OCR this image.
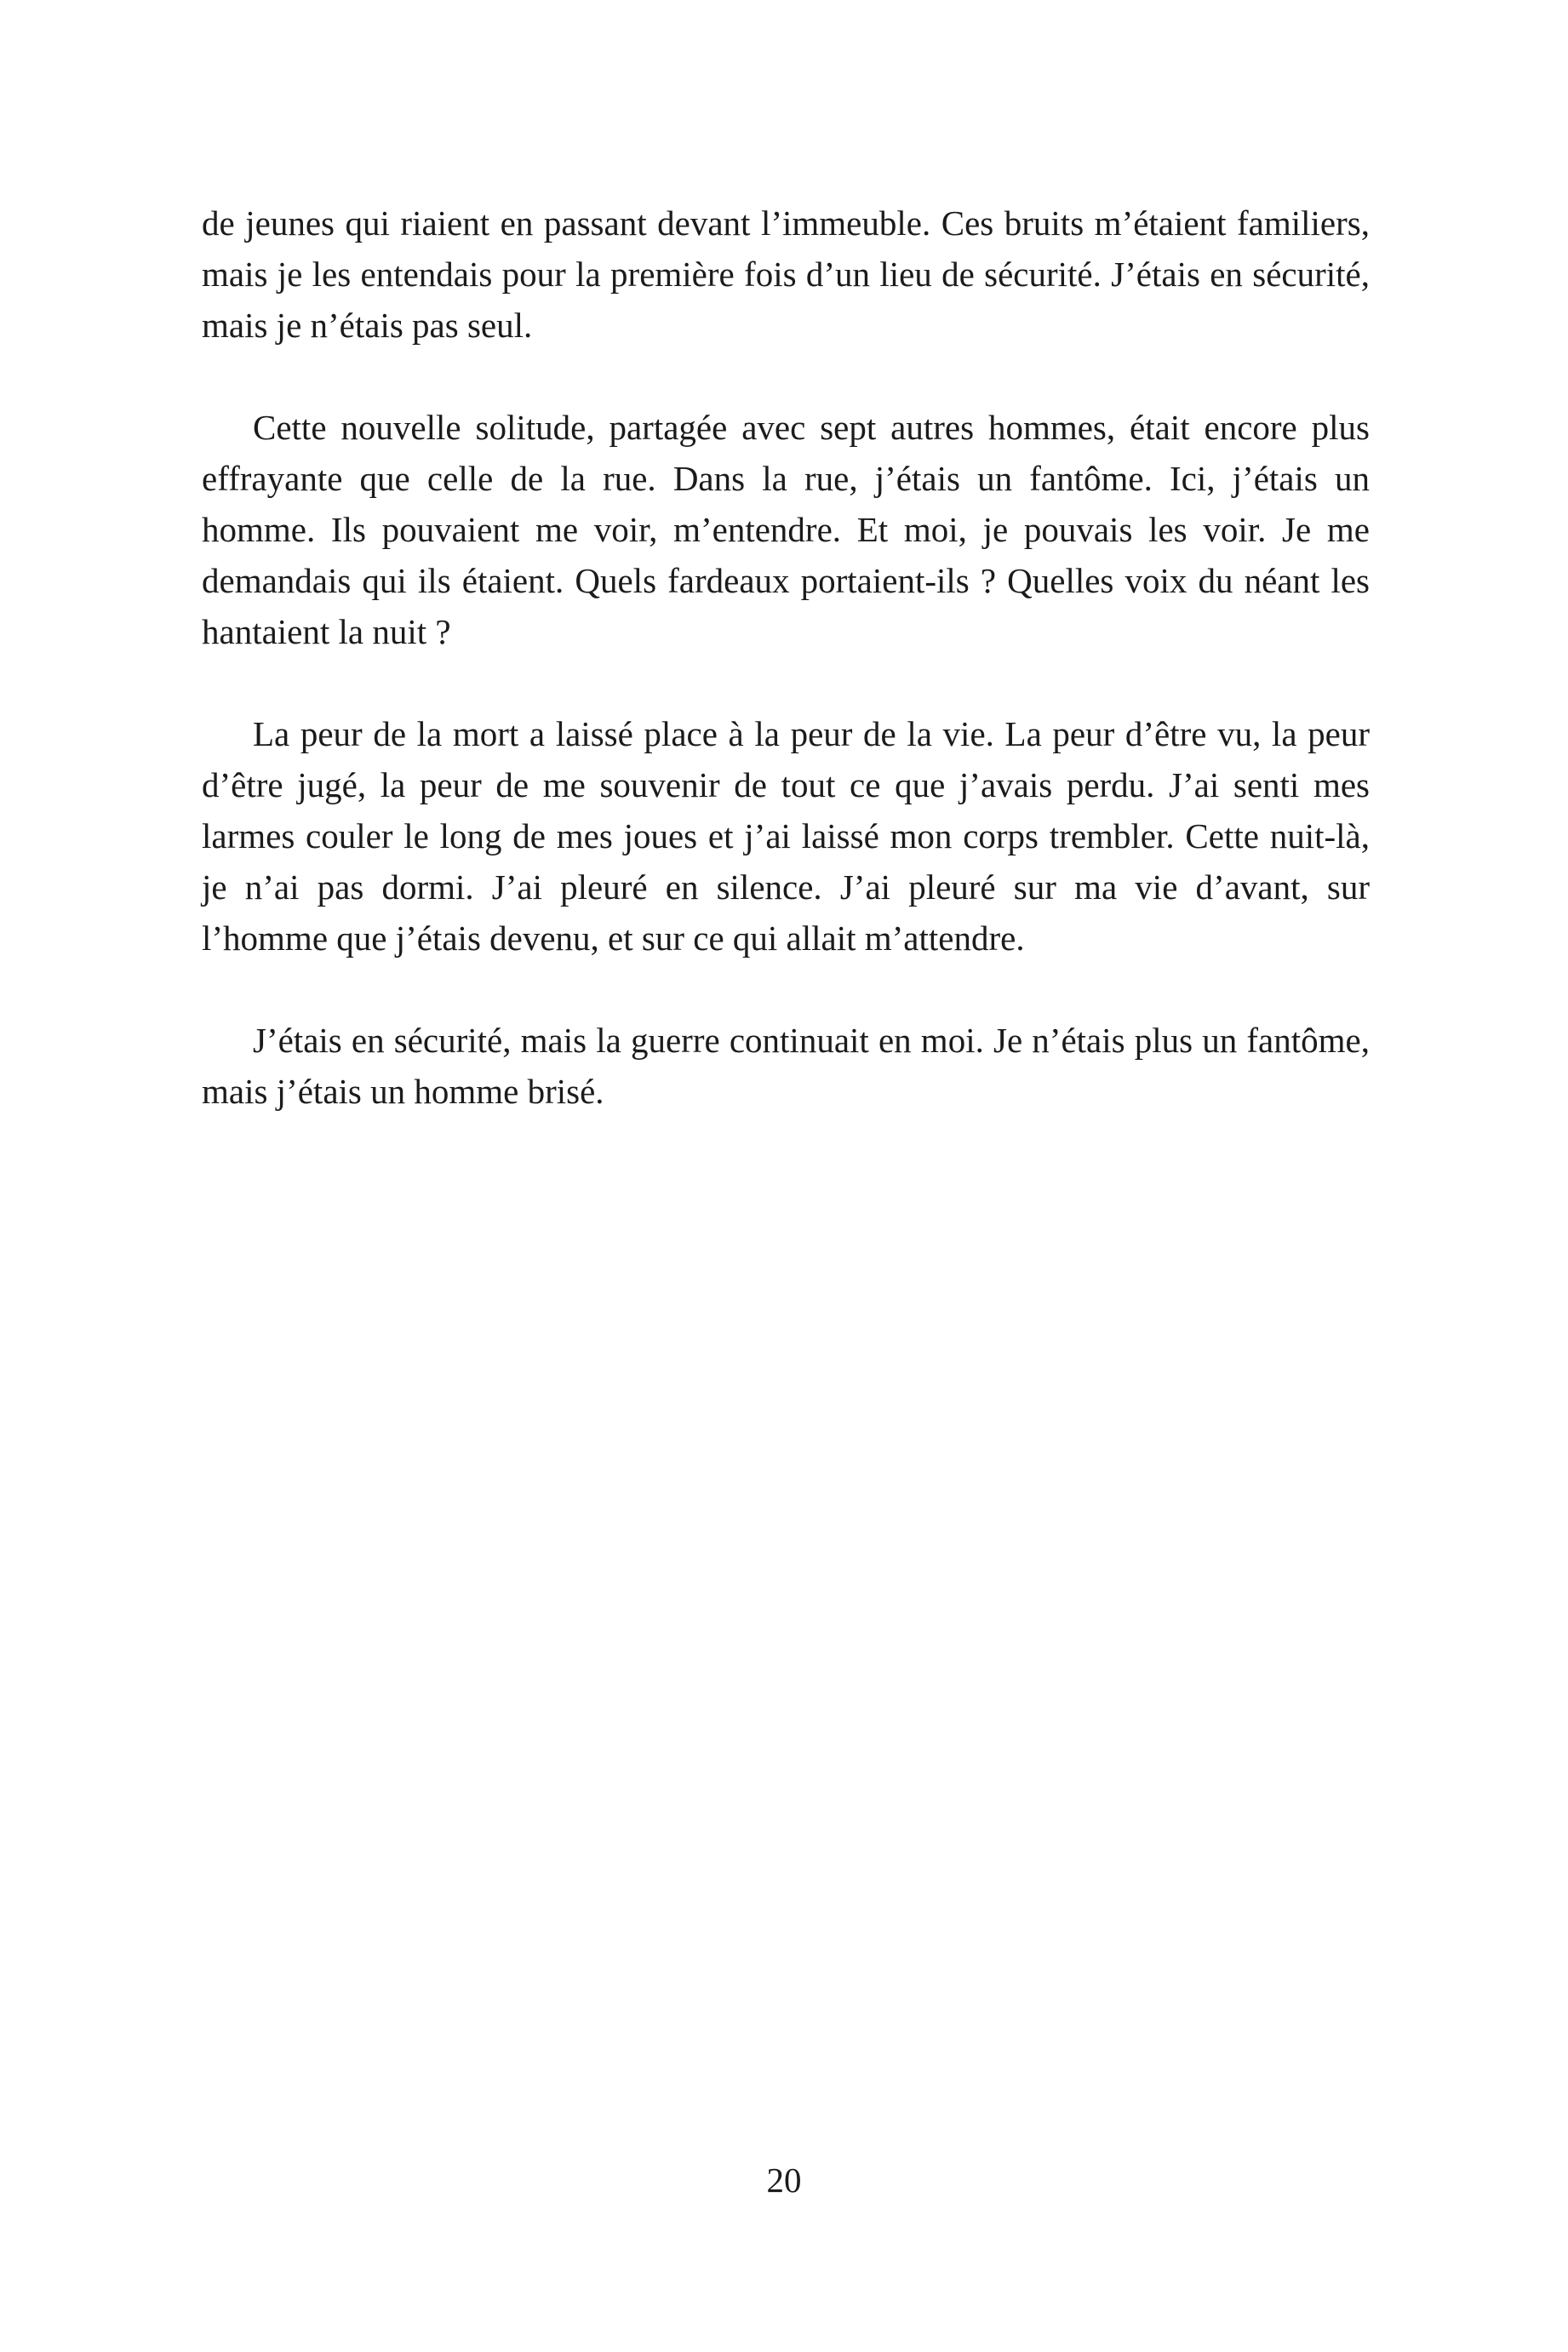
de jeunes qui riaient en passant devant l’immeuble. Ces bruits m’étaient familiers, mais je les entendais pour la première fois d’un lieu de sécurité. J’étais en sécurité, mais je n’étais pas seul.

Cette nouvelle solitude, partagée avec sept autres hommes, était encore plus effrayante que celle de la rue. Dans la rue, j’étais un fantôme. Ici, j’étais un homme. Ils pouvaient me voir, m’entendre. Et moi, je pouvais les voir. Je me demandais qui ils étaient. Quels fardeaux portaient-ils ? Quelles voix du néant les hantaient la nuit ?

La peur de la mort a laissé place à la peur de la vie. La peur d’être vu, la peur d’être jugé, la peur de me souvenir de tout ce que j’avais perdu. J’ai senti mes larmes couler le long de mes joues et j’ai laissé mon corps trembler. Cette nuit-là, je n’ai pas dormi. J’ai pleuré en silence. J’ai pleuré sur ma vie d’avant, sur l’homme que j’étais devenu, et sur ce qui allait m’attendre.

J’étais en sécurité, mais la guerre continuait en moi. Je n’étais plus un fantôme, mais j’étais un homme brisé.

20
